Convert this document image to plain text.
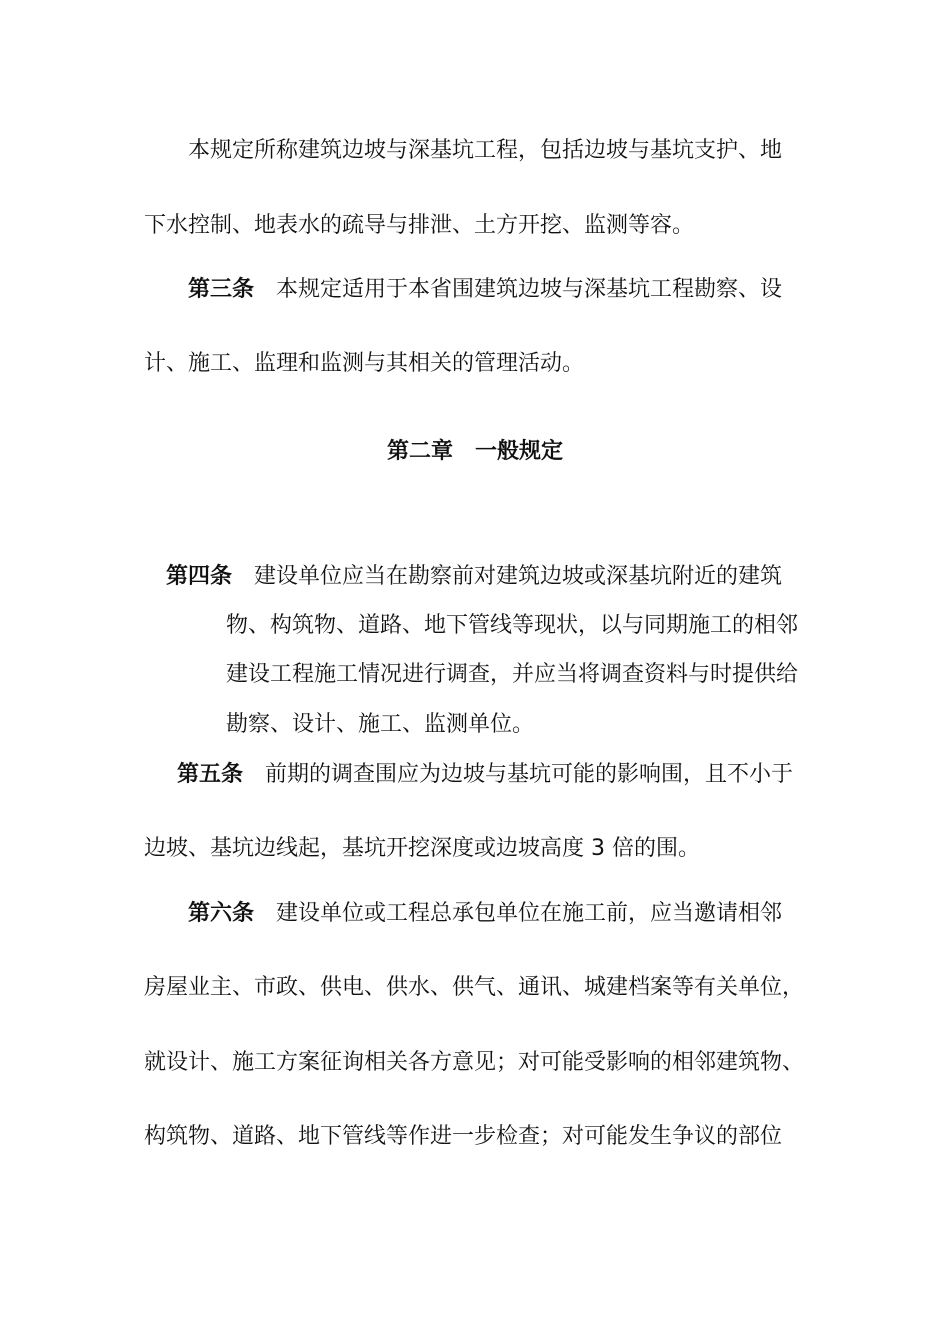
本规定所称建筑边坡与深基坑工程，包括边坡与基坑支护、地
下水控制、地表水的疏导与排泄、土方开挖、监测等容。
第三条 本规定适用于本省围建筑边坡与深基坑工程勘察、设
计、施工、监理和监测与其相关的管理活动。
第二章 一般规定
第四条 建设单位应当在勘察前对建筑边坡或深基坑附近的建筑
物、构筑物、道路、地下管线等现状，以与同期施工的相邻
建设工程施工情况进行调查，并应当将调查资料与时提供给
勘察、设计、施工、监测单位。
第五条 前期的调查围应为边坡与基坑可能的影响围，且不小于
边坡、基坑边线起，基坑开挖深度或边坡高度 3 倍的围。
第六条 建设单位或工程总承包单位在施工前，应当邀请相邻
房屋业主、市政、供电、供水、供气、通讯、城建档案等有关单位，
就设计、施工方案征询相关各方意见；对可能受影响的相邻建筑物、
构筑物、道路、地下管线等作进一步检查；对可能发生争议的部位
